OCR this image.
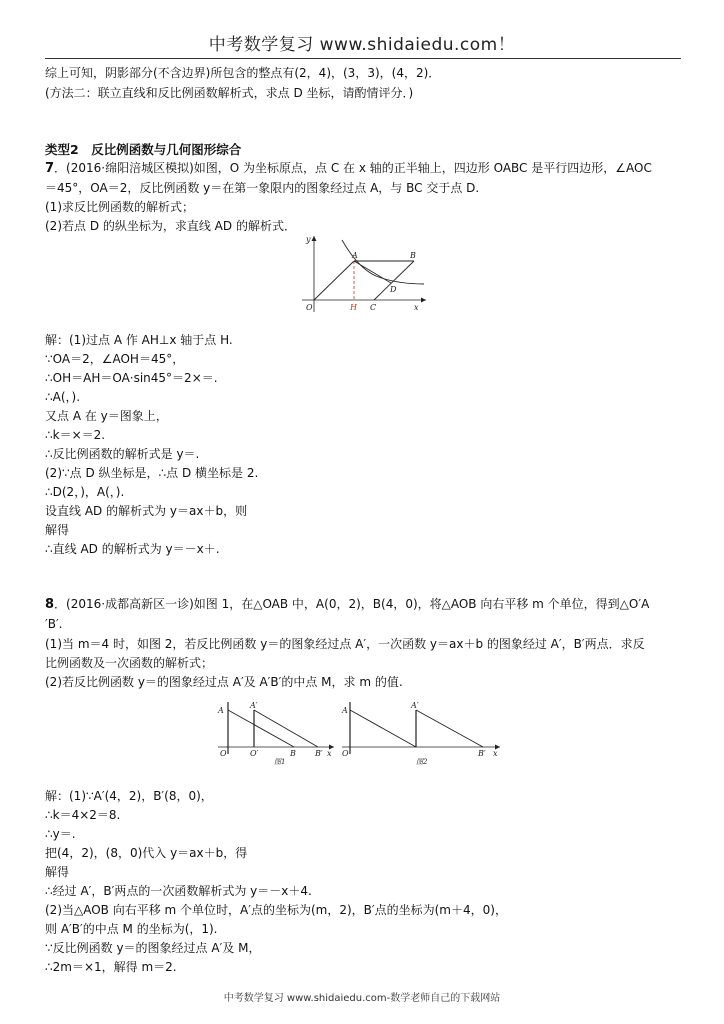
中考数学复习 www.shidaiedu.com！
综上可知，阴影部分(不含边界)所包含的整点有(2，4)，(3，3)，(4，2)．
(方法二：联立直线和反比例函数解析式，求点 D 坐标，请酌情评分．)
类型2　反比例函数与几何图形综合
7．(2016·绵阳涪城区模拟)如图，O 为坐标原点，点 C 在 x 轴的正半轴上，四边形 OABC 是平行四边形，∠AOC
＝45°，OA＝2，反比例函数 y＝在第一象限内的图象经过点 A，与 BC 交于点 D.
(1)求反比例函数的解析式；
(2)若点 D 的纵坐标为，求直线 AD 的解析式．
y
O
A	B
D
H C	x
解：(1)过点 A 作 AH⊥x 轴于点 H.
∵OA＝2，∠AOH＝45°，
∴OH＝AH＝OA·sin45°＝2×＝.
∴A(，).
又点 A 在 y＝图象上，
∴k＝×＝2.
∴反比例函数的解析式是 y＝.
(2)∵点 D 纵坐标是，∴点 D 横坐标是 2.
∴D(2，)，A(，).
设直线 AD 的解析式为 y＝ax＋b，则
解得
∴直线 AD 的解析式为 y＝－x＋.
8．(2016·成都高新区一诊)如图 1，在△OAB 中，A(0，2)，B(4，0)，将△AOB 向右平移 m 个单位，得到△O′A
′B′.
(1)当 m＝4 时，如图 2，若反比例函数 y＝的图象经过点 A′，一次函数 y＝ax＋b 的图象经过 A′，B′两点．求反
比例函数及一次函数的解析式；
(2)若反比例函数 y＝的图象经过点 A′及 A′B′的中点 M，求 m 的值.
A
O
A′
O′	B B′ x
图1
A
O
A′
B′ x
图2
解：(1)∵A′(4，2)，B′(8，0)，
∴k＝4×2＝8.
∴y＝.
把(4，2)，(8，0)代入 y＝ax＋b，得
解得
∴经过 A′，B′两点的一次函数解析式为 y＝－x＋4.
(2)当△AOB 向右平移 m 个单位时，A′点的坐标为(m，2)，B′点的坐标为(m＋4，0)，
则 A′B′的中点 M 的坐标为(，1).
∵反比例函数 y＝的图象经过点 A′及 M，
∴2m＝×1，解得 m＝2.
中考数学复习 www.shidaiedu.com-数学老师自己的下载网站
